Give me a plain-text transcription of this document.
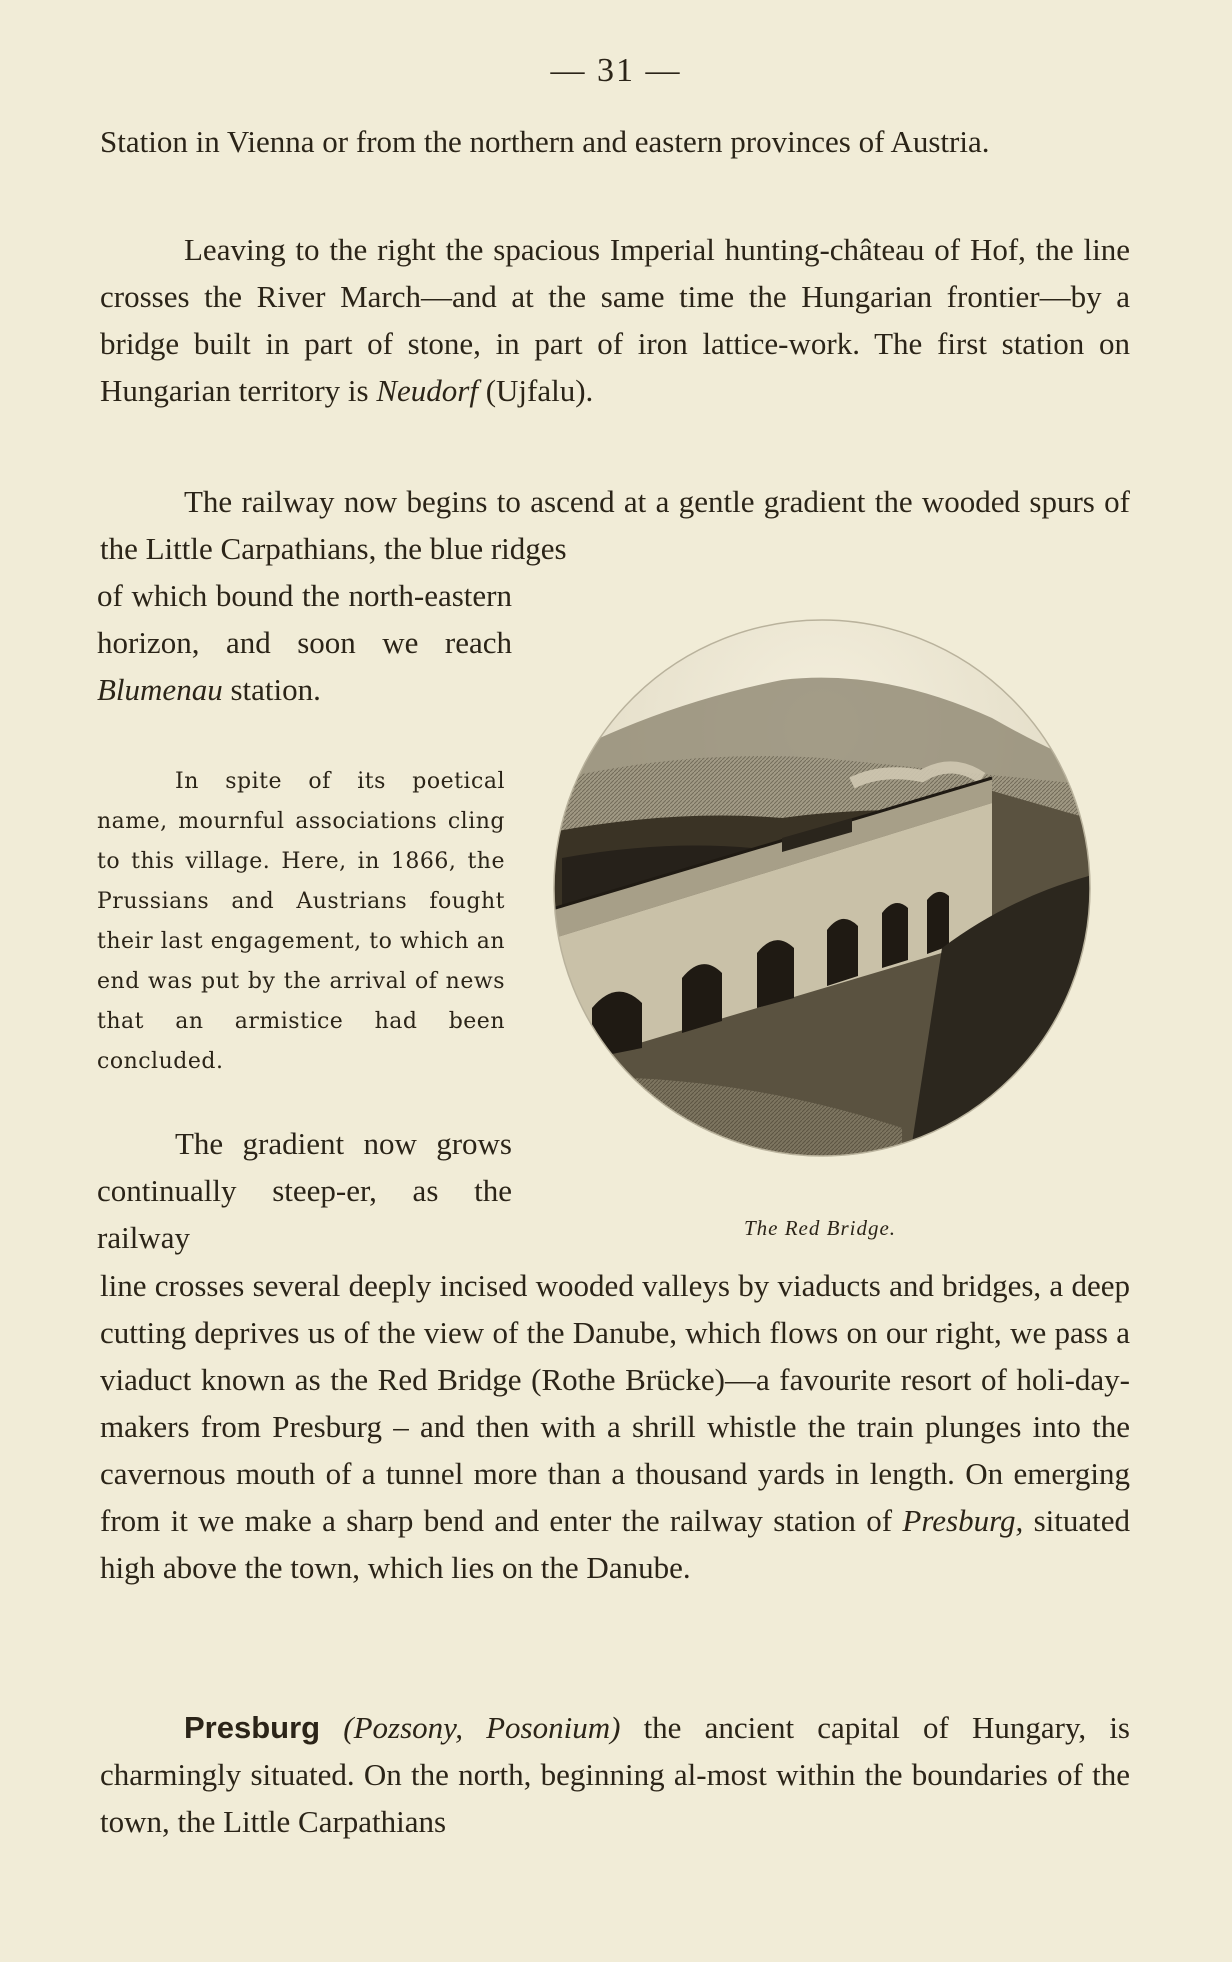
— 31 —

Station in Vienna or from the northern and eastern provinces of Austria.

Leaving to the right the spacious Imperial hunting-château of Hof, the line crosses the River March—and at the same time the Hungarian frontier—by a bridge built in part of stone, in part of iron lattice-work. The first station on Hungarian territory is Neudorf (Ujfalu).

The railway now begins to ascend at a gentle gradient the wooded spurs of the Little Carpathians, the blue ridges

of which bound the north-eastern horizon, and soon we reach Blumenau station.

In spite of its poetical name, mournful associations cling to this village. Here, in 1866, the Prussians and Austrians fought their last engagement, to which an end was put by the arrival of news that an armistice had been concluded.

The gradient now grows continually steep-er, as the railway

line crosses several deeply incised wooded valleys by viaducts and bridges, a deep cutting deprives us of the view of the Danube, which flows on our right, we pass a viaduct known as the Red Bridge (Rothe Brücke)—a favourite resort of holi-day-makers from Presburg – and then with a shrill whistle the train plunges into the cavernous mouth of a tunnel more than a thousand yards in length. On emerging from it we make a sharp bend and enter the railway station of Presburg, situated high above the town, which lies on the Danube.

Presburg (Pozsony, Posonium) the ancient capital of Hungary, is charmingly situated. On the north, beginning al-most within the boundaries of the town, the Little Carpathians

The Red Bridge.
